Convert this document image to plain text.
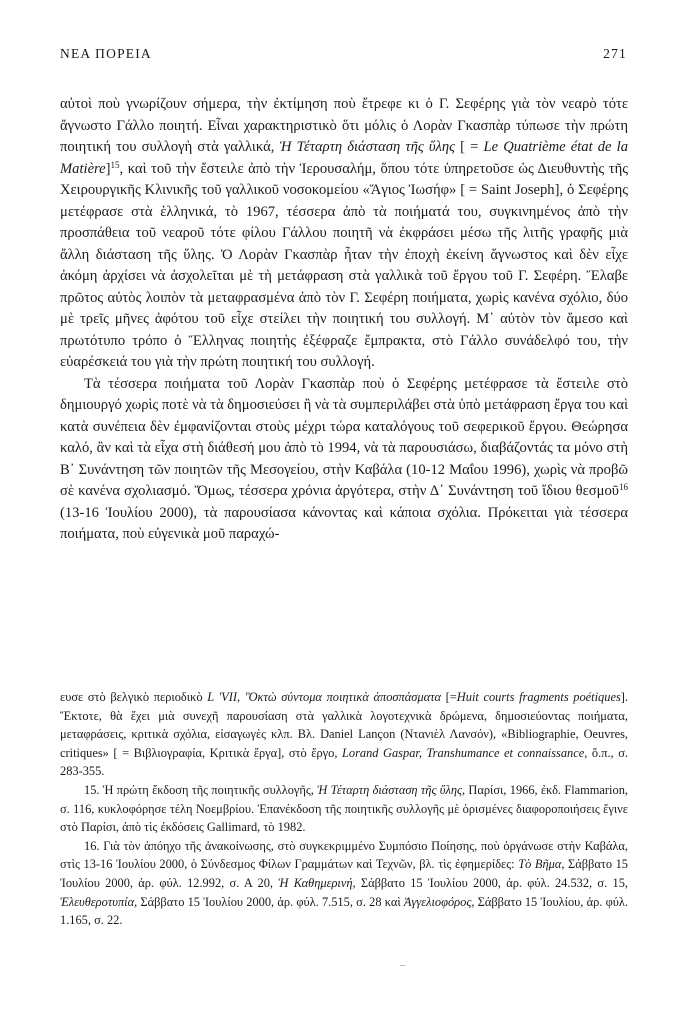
ΝΕΑ ΠΟΡΕΙΑ	271

αὐτοὶ ποὺ γνωρίζουν σήμερα, τὴν ἐκτίμηση ποὺ ἔτρεφε κι ὁ Γ. Σεφέρης γιὰ τὸν νεαρὸ τότε ἄγνωστο Γάλλο ποιητή. Εἶναι χαρακτηριστικὸ ὅτι μόλις ὁ Λορὰν Γκασπὰρ τύπωσε τὴν πρώτη ποιητική του συλλογὴ στὰ γαλλικά, Ἡ Τέταρτη διάσταση τῆς ὕλης [ = Le Quatrième état de la Matière]$^{15}$, καὶ τοῦ τὴν ἔστειλε ἀπὸ τὴν Ἱερουσαλήμ, ὅπου τότε ὑπηρετοῦσε ὡς Διευθυντὴς τῆς Χειρουργικῆς Κλινικῆς τοῦ γαλλικοῦ νοσοκομείου «Ἅγιος Ἰωσήφ» [ = Saint Joseph], ὁ Σεφέρης μετέφρασε στὰ ἑλληνικά, τὸ 1967, τέσσερα ἀπὸ τὰ ποιήματά του, συγκινημένος ἀπὸ τὴν προσπάθεια τοῦ νεαροῦ τότε φίλου Γάλλου ποιητῆ νὰ ἐκφράσει μέσω τῆς λιτῆς γραφῆς μιὰ ἄλλη διάσταση τῆς ὕλης. Ὁ Λορὰν Γκασπὰρ ἦταν τὴν ἐποχὴ ἐκείνη ἄγνωστος καὶ δὲν εἶχε ἀκόμη ἀρχίσει νὰ ἀσχολεῖται μὲ τὴ μετάφραση στὰ γαλλικὰ τοῦ ἔργου τοῦ Γ. Σεφέρη. Ἔλαβε πρῶτος αὐτὸς λοιπὸν τὰ μεταφρασμένα ἀπὸ τὸν Γ. Σεφέρη ποιήματα, χωρὶς κανένα σχόλιο, δύο μὲ τρεῖς μῆνες ἀφότου τοῦ εἶχε στείλει τὴν ποιητική του συλλογή. Μ᾽ αὐτὸν τὸν ἄμεσο καὶ πρωτότυπο τρόπο ὁ Ἕλληνας ποιητὴς ἐξέφραζε ἔμπρακτα, στὸ Γάλλο συνάδελφό του, τὴν εὐαρέσκειά του γιὰ τὴν πρώτη ποιητική του συλλογή.

Τὰ τέσσερα ποιήματα τοῦ Λορὰν Γκασπὰρ ποὺ ὁ Σεφέρης μετέφρασε τὰ ἔστειλε στὸ δημιουργό χωρὶς ποτὲ νὰ τὰ δημοσιεύσει ἢ νὰ τὰ συμπεριλάβει στὰ ὑπὸ μετάφραση ἔργα του καὶ κατὰ συνέπεια δὲν ἐμφανίζονται στοὺς μέχρι τώρα καταλόγους τοῦ σεφερικοῦ ἔργου. Θεώρησα καλό, ἂν καὶ τὰ εἶχα στὴ διάθεσή μου ἀπὸ τὸ 1994, νὰ τὰ παρουσιάσω, διαβάζοντάς τα μόνο στὴ Β᾽ Συνάντηση τῶν ποιητῶν τῆς Μεσογείου, στὴν Καβάλα (10-12 Μαΐου 1996), χωρὶς νὰ προβῶ σὲ κανένα σχολιασμό. Ὅμως, τέσσερα χρόνια ἀργότερα, στὴν Δ᾽ Συνάντηση τοῦ ἴδιου θεσμοῦ$^{16}$ (13-16 Ἰουλίου 2000), τὰ παρουσίασα κάνοντας καὶ κάποια σχόλια. Πρόκειται γιὰ τέσσερα ποιήματα, ποὺ εὐγενικὰ μοῦ παραχώ-

ευσε στὸ βελγικὸ περιοδικὸ L 'VII, 'Ὀκτὼ σύντομα ποιητικὰ ἀποσπάσματα [=Huit courts fragments poétiques]. Ἔκτοτε, θὰ ἔχει μιὰ συνεχῆ παρουσίαση στὰ γαλλικὰ λογοτεχνικὰ δρώμενα, δημοσιεύοντας ποιήματα, μεταφράσεις, κριτικὰ σχόλια, εἰσαγωγὲς κλπ. Βλ. Daniel Lançon (Ντανιὲλ Λανσόν), «Bibliographie, Oeuvres, critiques» [ = Βιβλιογραφία, Κριτικὰ ἔργα], στὸ ἔργο, Lorand Gaspar, Transhumance et connaissance, ὅ.π., σ. 283-355.

15. Ἡ πρώτη ἔκδοση τῆς ποιητικῆς συλλογῆς, Ἡ Τέταρτη διάσταση τῆς ὕλης, Παρίσι, 1966, ἐκδ. Flammarion, σ. 116, κυκλοφόρησε τέλη Νοεμβρίου. Ἐπανέκδοση τῆς ποιητικῆς συλλογῆς μὲ ὁρισμένες διαφοροποιήσεις ἔγινε στὸ Παρίσι, ἀπὸ τὶς ἐκδόσεις Gallimard, τὸ 1982.

16. Γιὰ τὸν ἀπόηχο τῆς ἀνακοίνωσης, στὸ συγκεκριμμένο Συμπόσιο Ποίησης, ποὺ ὀργάνωσε στὴν Καβάλα, στὶς 13-16 Ἰουλίου 2000, ὁ Σύνδεσμος Φίλων Γραμμάτων καὶ Τεχνῶν, βλ. τὶς ἐφημερίδες: Τὸ Βῆμα, Σάββατο 15 Ἰουλίου 2000, ἀρ. φύλ. 12.992, σ. Α 20, Ἡ Καθημερινή, Σάββατο 15 Ἰουλίου 2000, ἀρ. φύλ. 24.532, σ. 15, Ἐλευθεροτυπία, Σάββατο 15 Ἰουλίου 2000, ἀρ. φύλ. 7.515, σ. 28 καὶ Ἀγγελιοφόρος, Σάββατο 15 Ἰουλίου, ἀρ. φύλ. 1.165, σ. 22.
